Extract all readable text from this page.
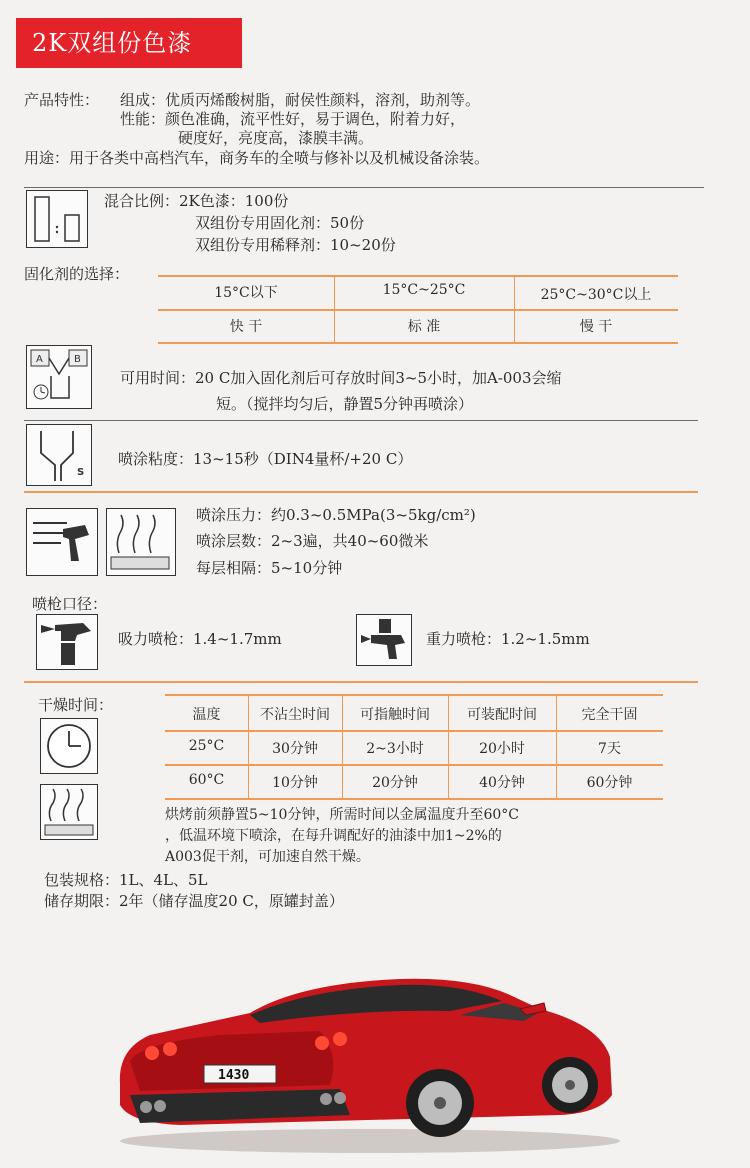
2K双组份色漆
产品特性： 组成：优质丙烯酸树脂，耐侯性颜料，溶剂，助剂等。
性能：颜色准确，流平性好，易于调色，附着力好，
硬度好，亮度高，漆膜丰满。
用途：用于各类中高档汽车，商务车的全喷与修补以及机械设备涂装。
混合比例：2K色漆：100份
双组份专用固化剂：50份
双组份专用稀释剂：10~20份
固化剂的选择：
15°C以下	15°C~25°C	25°C~30°C以上
快 干	标 准	慢 干
A	B
可用时间：20 C加入固化剂后可存放时间3~5小时，加A-003会缩
短。（搅拌均匀后，静置5分钟再喷涂）
S
喷涂粘度：13~15秒（DIN4量杯/+20 C）
喷涂压力：约0.3~0.5MPa(3~5kg/cm²)
喷涂层数：2~3遍，共40~60微米
每层相隔：5~10分钟
喷枪口径：
吸力喷枪：1.4~1.7mm	重力喷枪：1.2~1.5mm
干燥时间：
温度	不沾尘时间	可指触时间	可装配时间	完全干固
25°C	30分钟	2~3小时	20小时	7天
60°C	10分钟	20分钟	40分钟	60分钟
烘烤前须静置5~10分钟，所需时间以金属温度升至60°C
，低温环境下喷涂，在每升调配好的油漆中加1~2%的
A003促干剂，可加速自然干燥。
包装规格：1L、4L、5L
储存期限：2年（储存温度20 C，原罐封盖）
1430
